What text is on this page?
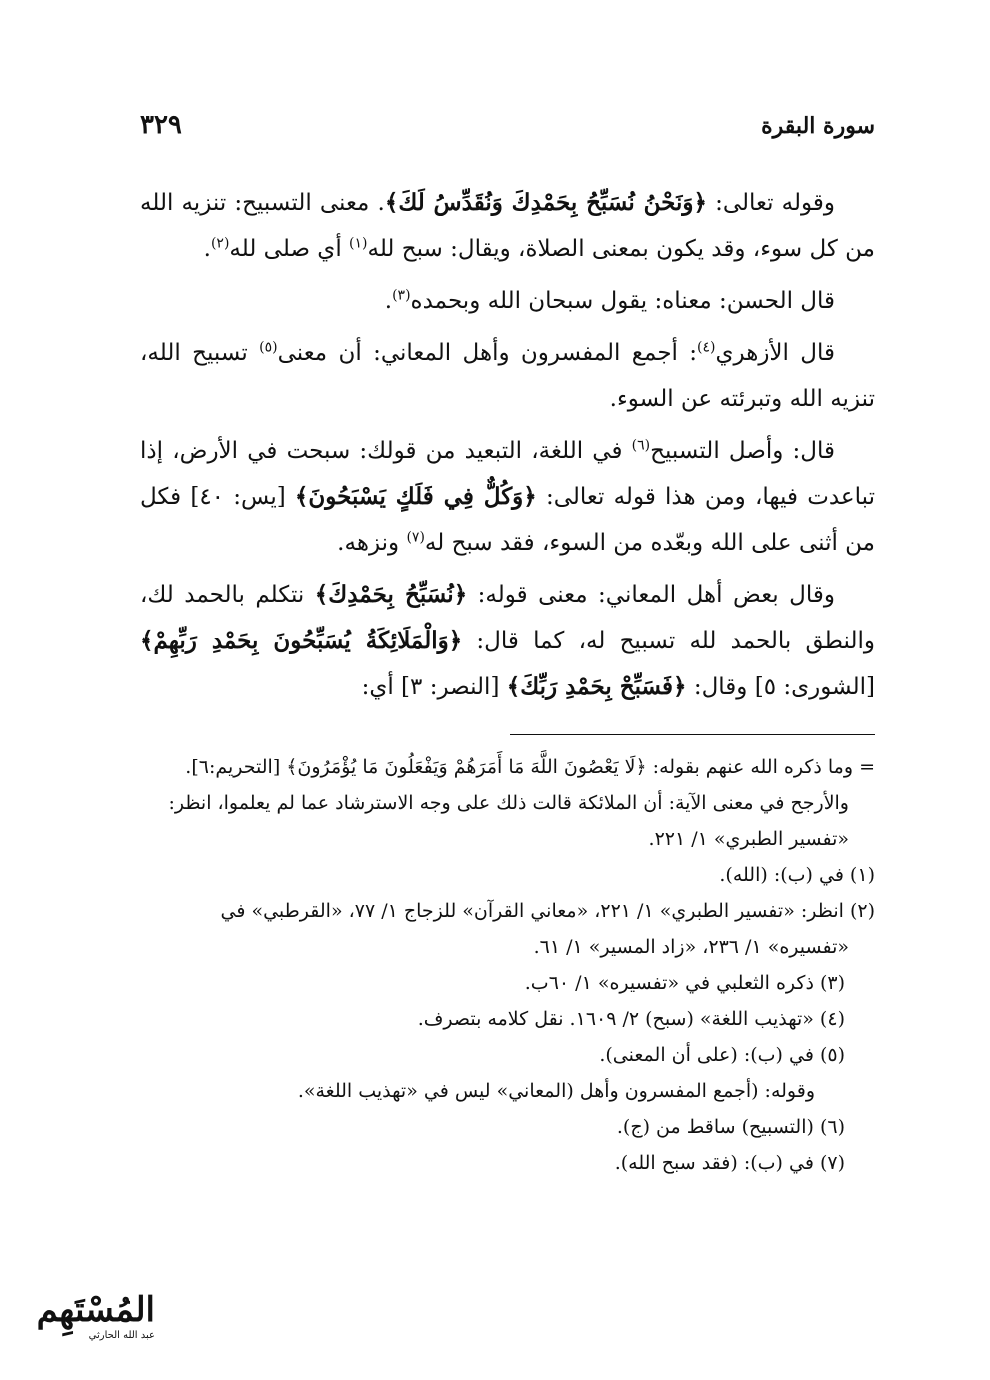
سورة البقرة
٣٢٩

وقوله تعالى: ﴿وَنَحْنُ نُسَبِّحُ بِحَمْدِكَ وَنُقَدِّسُ لَكَ﴾. معنى التسبيح: تنزيه الله من كل سوء، وقد يكون بمعنى الصلاة، ويقال: سبح لله$^{(١)}$ أي صلى لله$^{(٢)}$.

قال الحسن: معناه: يقول سبحان الله وبحمده$^{(٣)}$.

قال الأزهري$^{(٤)}$: أجمع المفسرون وأهل المعاني: أن معنى$^{(٥)}$ تسبيح الله، تنزيه الله وتبرئته عن السوء.

قال: وأصل التسبيح$^{(٦)}$ في اللغة، التبعيد من قولك: سبحت في الأرض، إذا تباعدت فيها، ومن هذا قوله تعالى: ﴿وَكُلٌّ فِي فَلَكٍ يَسْبَحُونَ﴾ [يس: ٤٠] فكل من أثنى على الله وبعّده من السوء، فقد سبح له$^{(٧)}$ ونزهه.

وقال بعض أهل المعاني: معنى قوله: ﴿نُسَبِّحُ بِحَمْدِكَ﴾ نتكلم بالحمد لك، والنطق بالحمد لله تسبيح له، كما قال: ﴿وَالْمَلَائِكَةُ يُسَبِّحُونَ بِحَمْدِ رَبِّهِمْ﴾ [الشورى: ٥] وقال: ﴿فَسَبِّحْ بِحَمْدِ رَبِّكَ﴾ [النصر: ٣] أي:

= وما ذكره الله عنهم بقوله: ﴿لَا يَعْصُونَ اللَّهَ مَا أَمَرَهُمْ وَيَفْعَلُونَ مَا يُؤْمَرُونَ﴾ [التحريم:٦]. والأرجح في معنى الآية: أن الملائكة قالت ذلك على وجه الاسترشاد عما لم يعلموا، انظر: «تفسير الطبري» ١/ ٢٢١.

(١) في (ب): (الله).

(٢) انظر: «تفسير الطبري» ١/ ٢٢١، «معاني القرآن» للزجاج ١/ ٧٧، «القرطبي» في «تفسيره» ١/ ٢٣٦، «زاد المسير» ١/ ٦١.

(٣) ذكره الثعلبي في «تفسيره» ١/ ٦٠ب.

(٤) «تهذيب اللغة» (سبح) ٢/ ١٦٠٩. نقل كلامه بتصرف.

(٥) في (ب): (على أن المعنى).

وقوله: (أجمع المفسرون وأهل (المعاني» ليس في «تهذيب اللغة».

(٦) (التسبيح) ساقط من (ج).

(٧) في (ب): (فقد سبح الله).

المُسْتَهِم
عبد الله الحارثي
